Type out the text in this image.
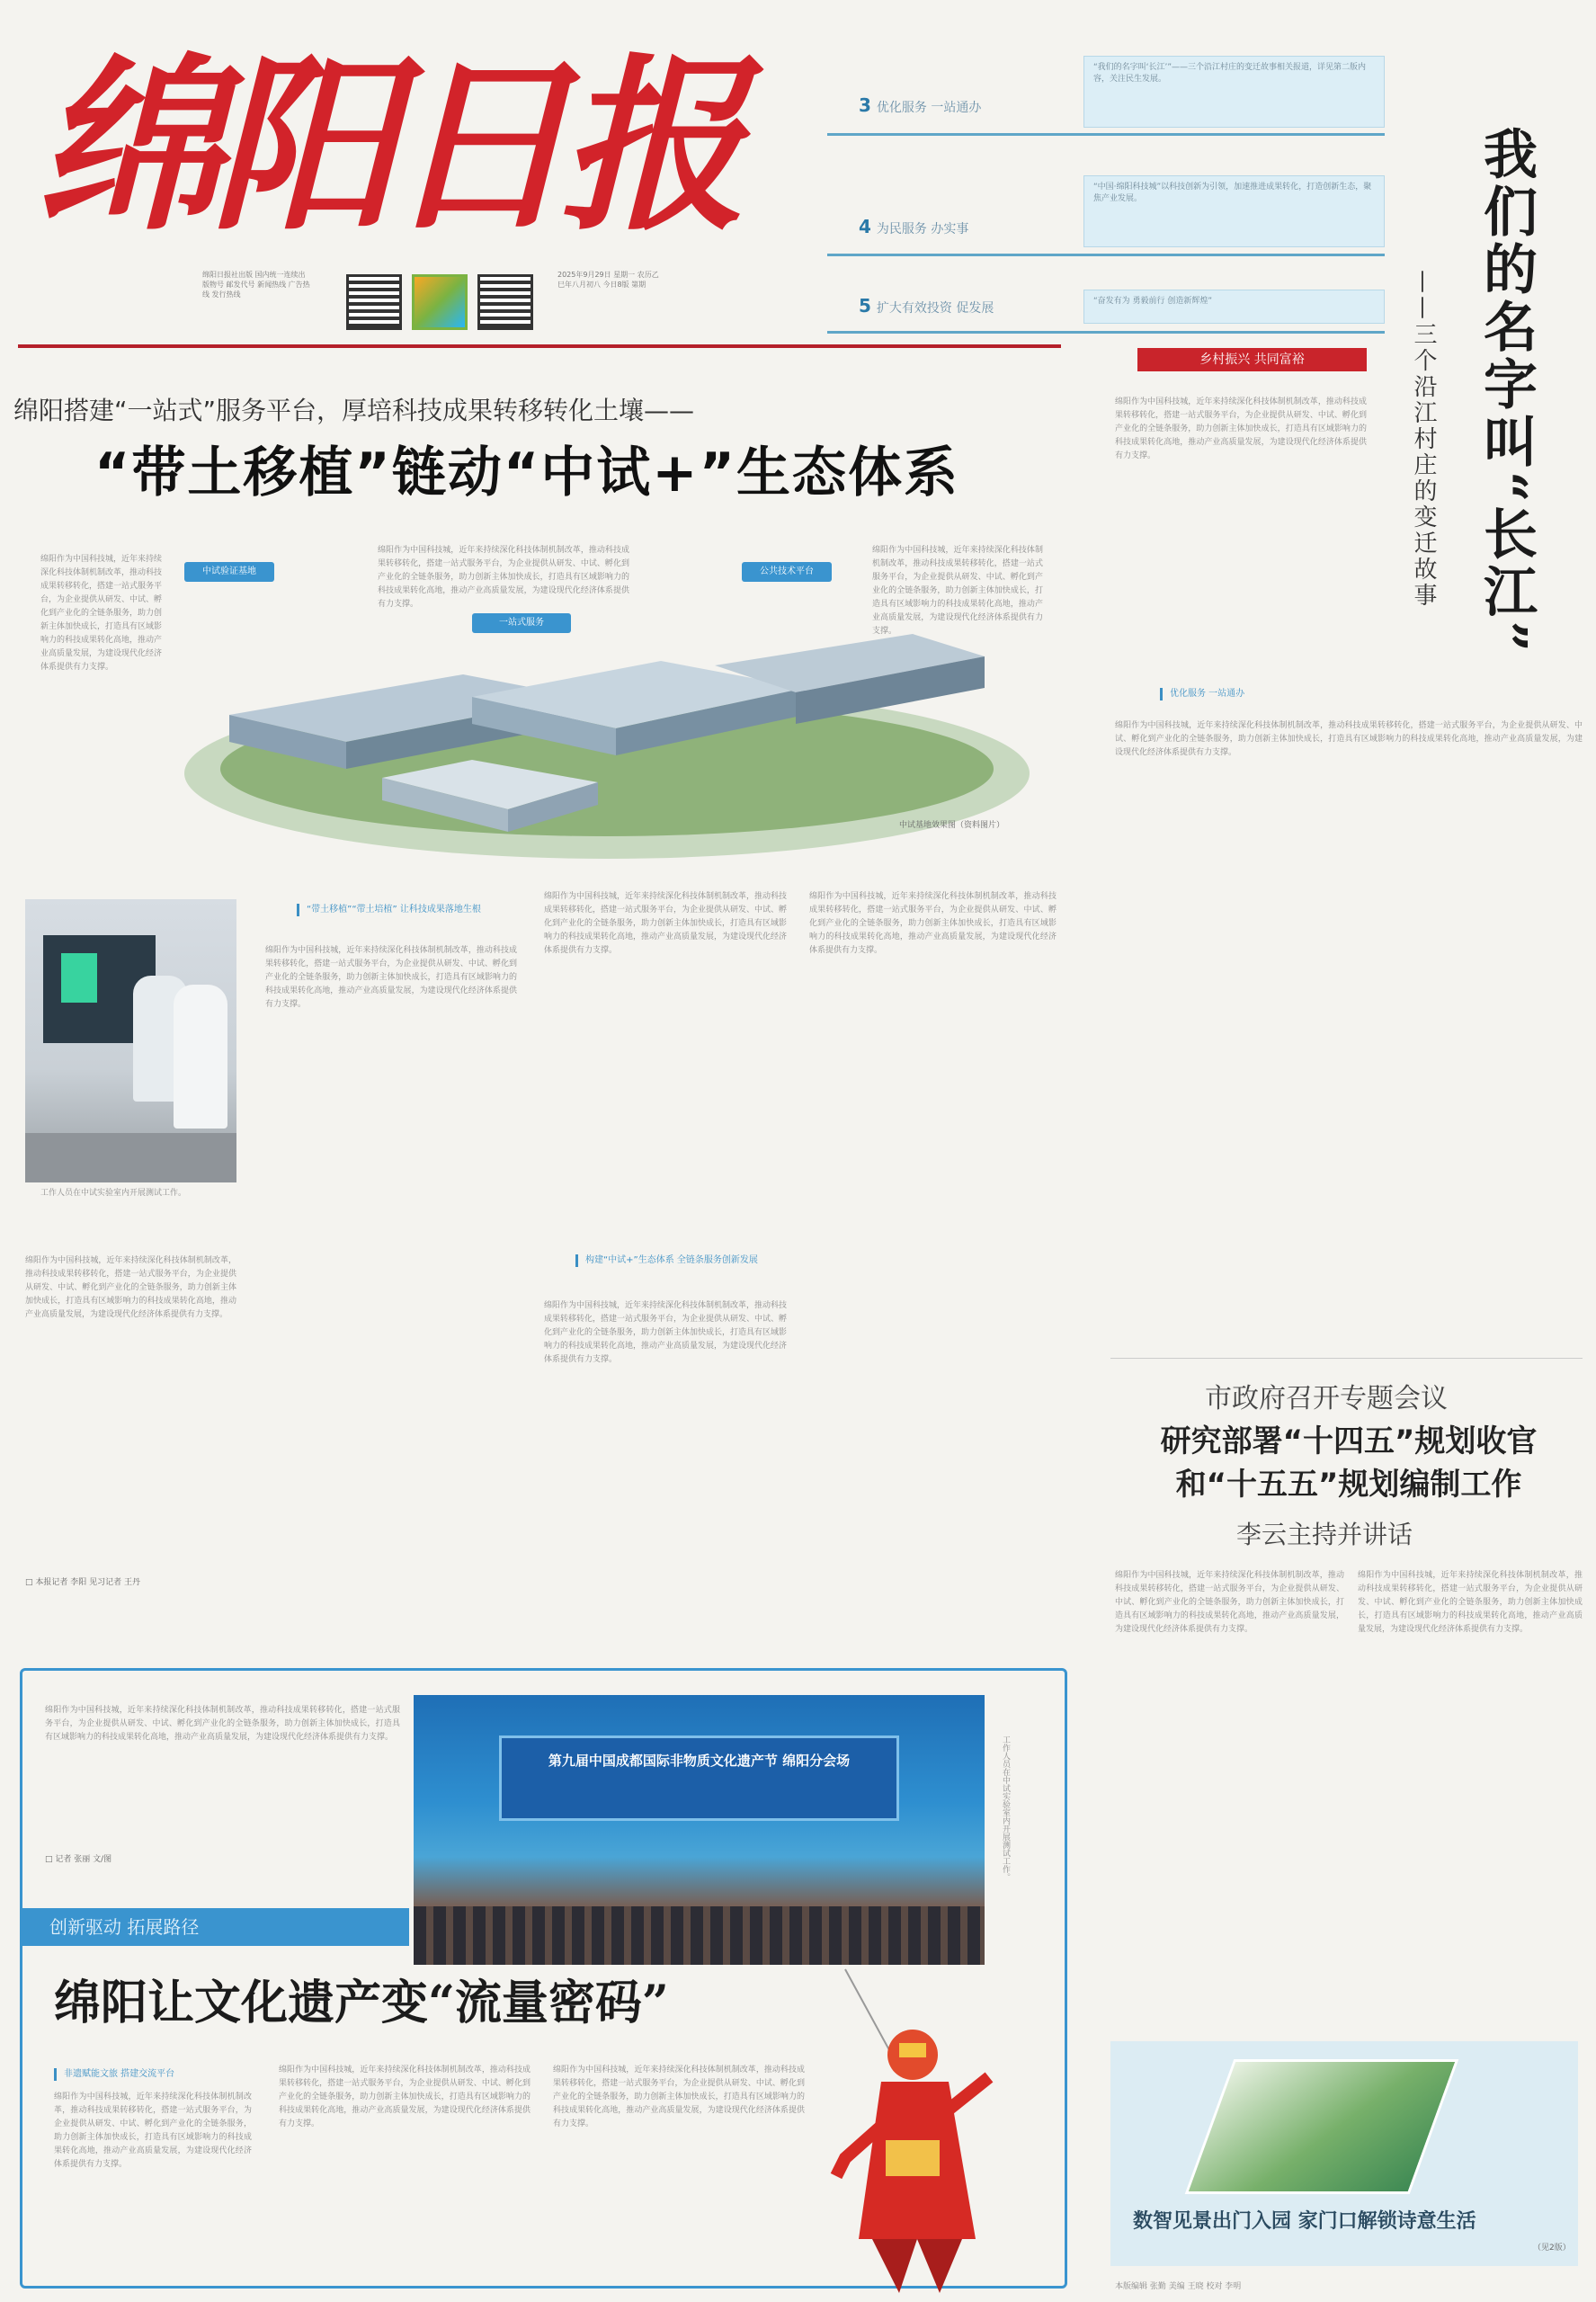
绵阳日报
绵阳日报社出版 国内统一连续出版物号 邮发代号 新闻热线 广告热线 发行热线
2025年9月29日 星期一 农历乙巳年八月初八 今日8版 第期
3 优化服务 一站通办
“我们的名字叫‘长江’”——三个沿江村庄的变迁故事相关报道，详见第二版内容，关注民生发展。
4 为民服务 办实事
“中国·绵阳科技城”以科技创新为引领，加速推进成果转化，打造创新生态，聚焦产业发展。
5 扩大有效投资 促发展	“奋发有为 勇毅前行 创造新辉煌”	我们的名字叫“长江”
——三个沿江村庄的变迁故事
乡村振兴 共同富裕
绵阳作为中国科技城，近年来持续深化科技体制机制改革，推动科技成果转移转化，搭建一站式服务平台，为企业提供从研发、中试、孵化到产业化的全链条服务，助力创新主体加快成长，打造具有区域影响力的科技成果转化高地，推动产业高质量发展，为建设现代化经济体系提供有力支撑。
优化服务 一站通办
绵阳作为中国科技城，近年来持续深化科技体制机制改革，推动科技成果转移转化，搭建一站式服务平台，为企业提供从研发、中试、孵化到产业化的全链条服务，助力创新主体加快成长，打造具有区域影响力的科技成果转化高地，推动产业高质量发展，为建设现代化经济体系提供有力支撑。
绵阳搭建“一站式”服务平台，厚培科技成果转移转化土壤——
“带土移植”链动“中试+”生态体系
绵阳作为中国科技城，近年来持续深化科技体制机制改革，推动科技成果转移转化，搭建一站式服务平台，为企业提供从研发、中试、孵化到产业化的全链条服务，助力创新主体加快成长，打造具有区域影响力的科技成果转化高地，推动产业高质量发展，为建设现代化经济体系提供有力支撑。
中试验证基地
一站式服务
公共技术平台
绵阳作为中国科技城，近年来持续深化科技体制机制改革，推动科技成果转移转化，搭建一站式服务平台，为企业提供从研发、中试、孵化到产业化的全链条服务，助力创新主体加快成长，打造具有区域影响力的科技成果转化高地，推动产业高质量发展，为建设现代化经济体系提供有力支撑。
绵阳作为中国科技城，近年来持续深化科技体制机制改革，推动科技成果转移转化，搭建一站式服务平台，为企业提供从研发、中试、孵化到产业化的全链条服务，助力创新主体加快成长，打造具有区域影响力的科技成果转化高地，推动产业高质量发展，为建设现代化经济体系提供有力支撑。
中试基地效果图（资料图片）
工作人员在中试实验室内开展测试工作。
绵阳作为中国科技城，近年来持续深化科技体制机制改革，推动科技成果转移转化，搭建一站式服务平台，为企业提供从研发、中试、孵化到产业化的全链条服务，助力创新主体加快成长，打造具有区域影响力的科技成果转化高地，推动产业高质量发展，为建设现代化经济体系提供有力支撑。
□ 本报记者 李阳 见习记者 王丹
“带土移植”“带土培植” 让科技成果落地生根
绵阳作为中国科技城，近年来持续深化科技体制机制改革，推动科技成果转移转化，搭建一站式服务平台，为企业提供从研发、中试、孵化到产业化的全链条服务，助力创新主体加快成长，打造具有区域影响力的科技成果转化高地，推动产业高质量发展，为建设现代化经济体系提供有力支撑。
绵阳作为中国科技城，近年来持续深化科技体制机制改革，推动科技成果转移转化，搭建一站式服务平台，为企业提供从研发、中试、孵化到产业化的全链条服务，助力创新主体加快成长，打造具有区域影响力的科技成果转化高地，推动产业高质量发展，为建设现代化经济体系提供有力支撑。
构建“中试+”生态体系 全链条服务创新发展
绵阳作为中国科技城，近年来持续深化科技体制机制改革，推动科技成果转移转化，搭建一站式服务平台，为企业提供从研发、中试、孵化到产业化的全链条服务，助力创新主体加快成长，打造具有区域影响力的科技成果转化高地，推动产业高质量发展，为建设现代化经济体系提供有力支撑。
绵阳作为中国科技城，近年来持续深化科技体制机制改革，推动科技成果转移转化，搭建一站式服务平台，为企业提供从研发、中试、孵化到产业化的全链条服务，助力创新主体加快成长，打造具有区域影响力的科技成果转化高地，推动产业高质量发展，为建设现代化经济体系提供有力支撑。
市政府召开专题会议
研究部署“十四五”规划收官
和“十五五”规划编制工作
李云主持并讲话
绵阳作为中国科技城，近年来持续深化科技体制机制改革，推动科技成果转移转化，搭建一站式服务平台，为企业提供从研发、中试、孵化到产业化的全链条服务，助力创新主体加快成长，打造具有区域影响力的科技成果转化高地，推动产业高质量发展，为建设现代化经济体系提供有力支撑。
绵阳作为中国科技城，近年来持续深化科技体制机制改革，推动科技成果转移转化，搭建一站式服务平台，为企业提供从研发、中试、孵化到产业化的全链条服务，助力创新主体加快成长，打造具有区域影响力的科技成果转化高地，推动产业高质量发展，为建设现代化经济体系提供有力支撑。
绵阳作为中国科技城，近年来持续深化科技体制机制改革，推动科技成果转移转化，搭建一站式服务平台，为企业提供从研发、中试、孵化到产业化的全链条服务，助力创新主体加快成长，打造具有区域影响力的科技成果转化高地，推动产业高质量发展，为建设现代化经济体系提供有力支撑。
□ 记者 张丽 文/图
第九届中国成都国际非物质文化遗产节 绵阳分会场	工作人员在中试实验室内开展测试工作。
创新驱动 拓展路径
绵阳让文化遗产变“流量密码”
非遗赋能文旅 搭建交流平台
绵阳作为中国科技城，近年来持续深化科技体制机制改革，推动科技成果转移转化，搭建一站式服务平台，为企业提供从研发、中试、孵化到产业化的全链条服务，助力创新主体加快成长，打造具有区域影响力的科技成果转化高地，推动产业高质量发展，为建设现代化经济体系提供有力支撑。
绵阳作为中国科技城，近年来持续深化科技体制机制改革，推动科技成果转移转化，搭建一站式服务平台，为企业提供从研发、中试、孵化到产业化的全链条服务，助力创新主体加快成长，打造具有区域影响力的科技成果转化高地，推动产业高质量发展，为建设现代化经济体系提供有力支撑。
绵阳作为中国科技城，近年来持续深化科技体制机制改革，推动科技成果转移转化，搭建一站式服务平台，为企业提供从研发、中试、孵化到产业化的全链条服务，助力创新主体加快成长，打造具有区域影响力的科技成果转化高地，推动产业高质量发展，为建设现代化经济体系提供有力支撑。
数智见景出门入园 家门口解锁诗意生活
（见2版）
本版编辑 张勤 美编 王晓 校对 李明
